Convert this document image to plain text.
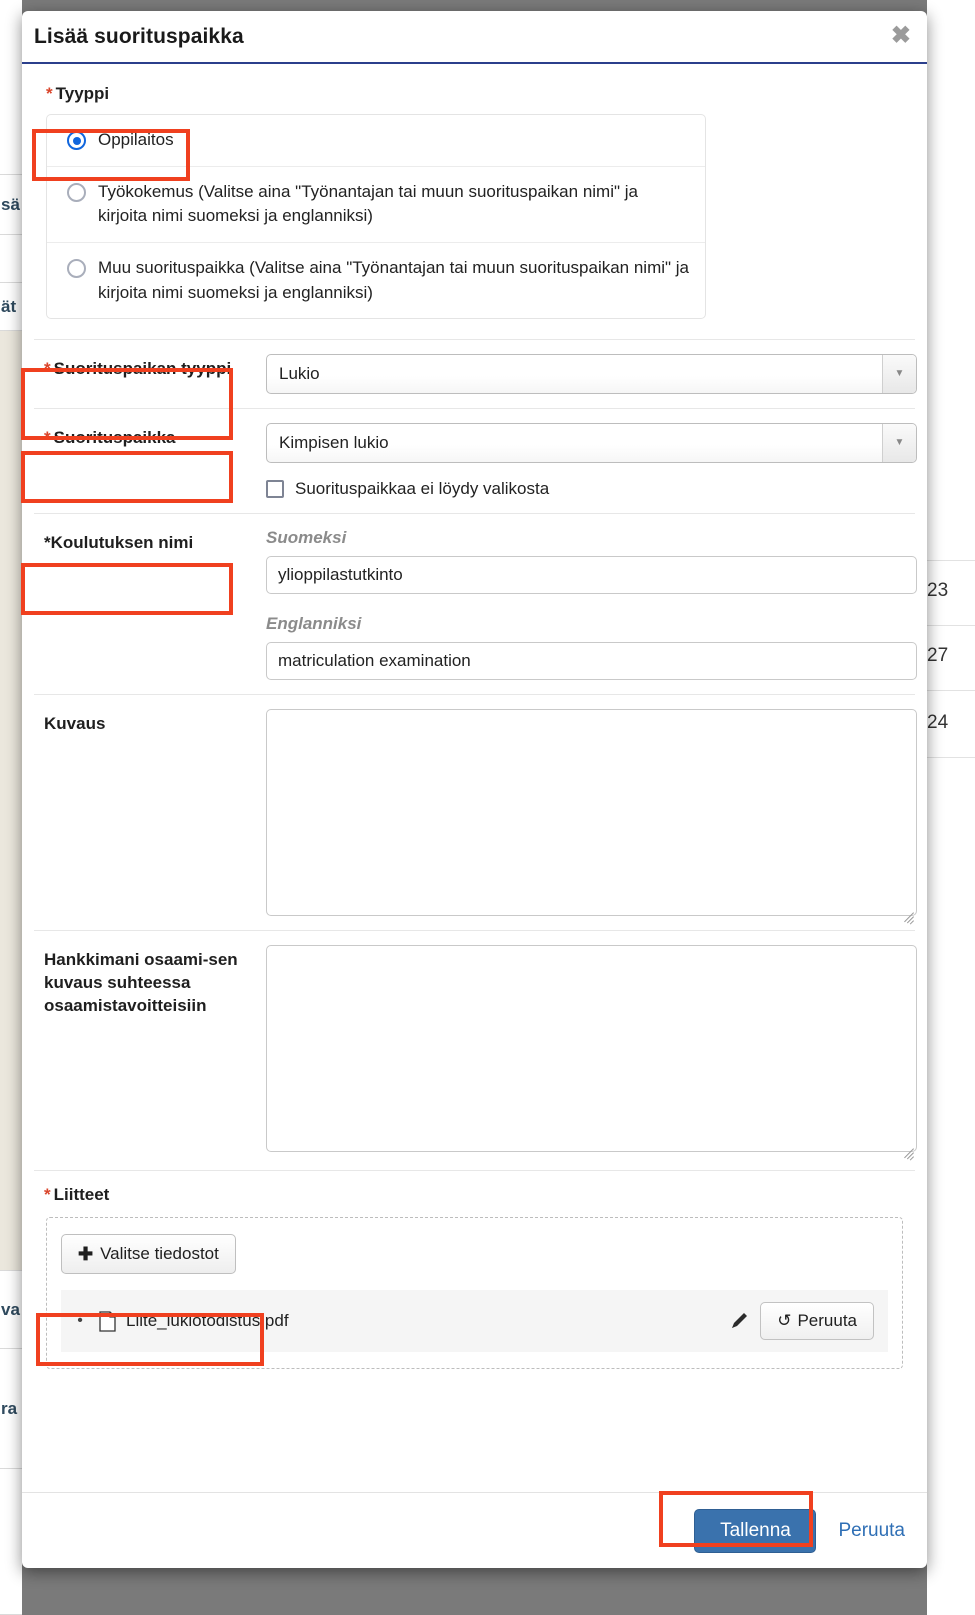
sä
ät
va
ra
23
27
24
Lisää suorituspaikka	✖
* Tyyppi
Oppilaitos
Työkokemus (Valitse aina "Työnantajan tai muun suorituspaikan nimi" ja kirjoita nimi suomeksi ja englanniksi)
Muu suorituspaikka (Valitse aina "Työnantajan tai muun suorituspaikan nimi" ja kirjoita nimi suomeksi ja englanniksi)
* Suorituspaikan tyyppi	Lukio	▼
* Suorituspaikka	Kimpisen lukio	▼
Suorituspaikkaa ei löydy valikosta
*Koulutuksen nimi	Suomeksi
ylioppilastutkinto
Englanniksi
matriculation examination
Kuvaus
Hankkimani osaami-sen kuvaus suhteessa osaamistavoitteisiin
* Liitteet
✚ Valitse tiedostot
•	Liite_lukiotodistus.pdf	↺ Peruuta
Tallenna	Peruuta
